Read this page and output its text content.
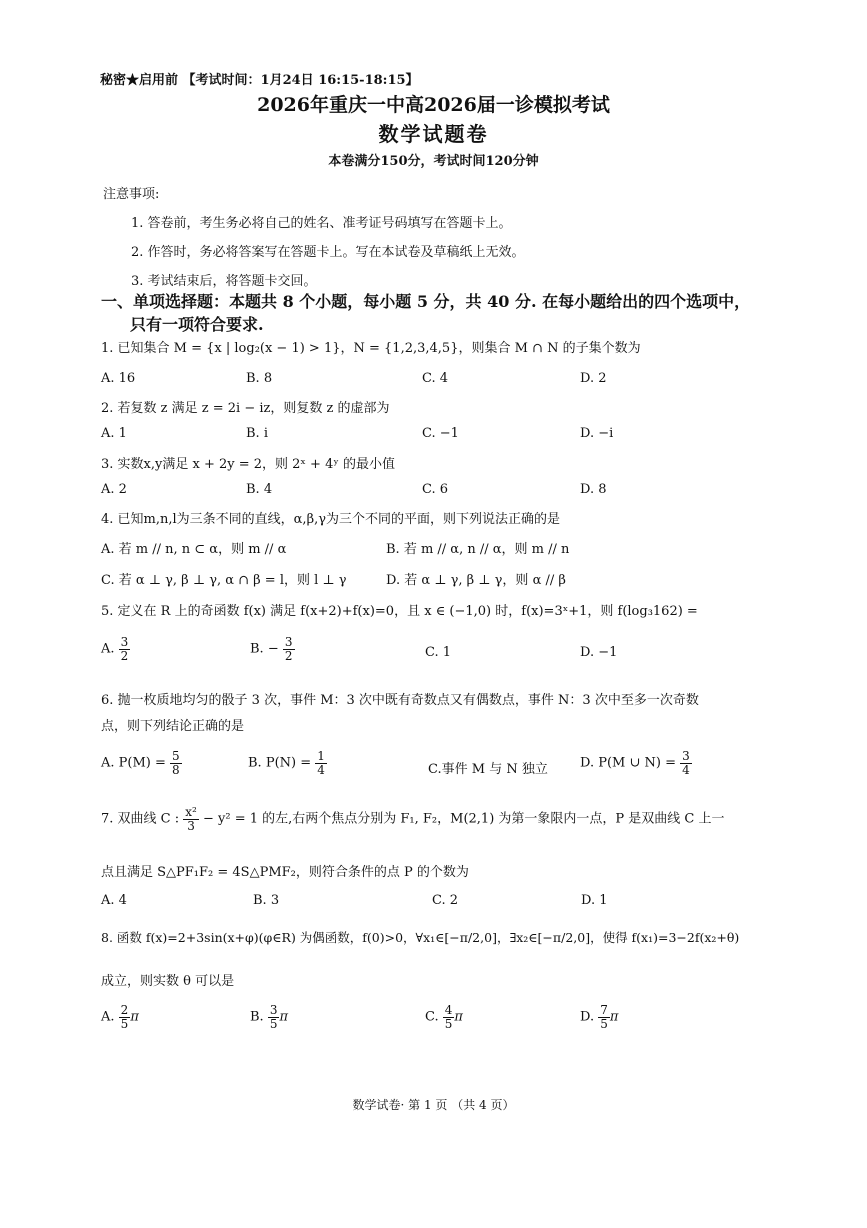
秘密★启用前 【考试时间：1月24日 16:15-18:15】
2026年重庆一中高2026届一诊模拟考试
数学试题卷
本卷满分150分，考试时间120分钟
注意事项:
1. 答卷前，考生务必将自己的姓名、准考证号码填写在答题卡上。
2. 作答时，务必将答案写在答题卡上。写在本试卷及草稿纸上无效。
3. 考试结束后，将答题卡交回。
一、单项选择题：本题共 8 个小题，每小题 5 分，共 40 分. 在每小题给出的四个选项中，
只有一项符合要求.
1. 已知集合 M = {x | log₂(x − 1) > 1}，N = {1,2,3,4,5}，则集合 M ∩ N 的子集个数为
A. 16	B. 8	C. 4	D. 2
2. 若复数 z 满足 z = 2i − iz，则复数 z 的虚部为
A. 1	B. i	C. −1	D. −i
3. 实数x,y满足 x + 2y = 2，则 2ˣ + 4ʸ 的最小值
A. 2	B. 4	C. 6	D. 8
4. 已知m,n,l为三条不同的直线，α,β,γ为三个不同的平面，则下列说法正确的是
A. 若 m // n, n ⊂ α，则 m // α	B. 若 m // α, n // α，则 m // n
C. 若 α ⊥ γ, β ⊥ γ, α ∩ β = l，则 l ⊥ γ	D. 若 α ⊥ γ, β ⊥ γ，则 α // β
5. 定义在 R 上的奇函数 f(x) 满足 f(x+2)+f(x)=0，且 x ∈ (−1,0) 时，f(x)=3ˣ+1，则 f(log₃162) =
A. $\frac{3}{2}$	B. − $\frac{3}{2}$	C. 1	D. −1
6. 抛一枚质地均匀的骰子 3 次，事件 M：3 次中既有奇数点又有偶数点，事件 N：3 次中至多一次奇数
点，则下列结论正确的是
A. $P(M) = \frac{5}{8}$	B. $P(N) = \frac{1}{4}$	C.事件 M 与 N 独立 D. P(M ∪ $N) = \frac{3}{4}$
7. 双曲线 C : $\frac{\text{x²}}{3} - y^2 = 1$ 的左,右两个焦点分别为 F₁, F₂，M(2,1) 为第一象限内一点，P 是双曲线 C 上一
点且满足 S△PF₁F₂ = 4S△PMF₂，则符合条件的点 P 的个数为
A. 4	B. 3	C. 2	D. 1
8. 函数 f(x)=2+3sin(x+φ)(φ∈R) 为偶函数，f(0)>0，∀x₁∈[−π/2,0]，∃x₂∈[−π/2,0]，使得 f(x₁)=3−2f(x₂+θ)
成立，则实数 θ 可以是
A. $\frac{2}{5}$ π	B. $\frac{3}{5}$ π	C. $\frac{4}{5}$ π	D. $\frac{7}{5}$ π
数学试卷· 第 1 页 （共 4 页）
